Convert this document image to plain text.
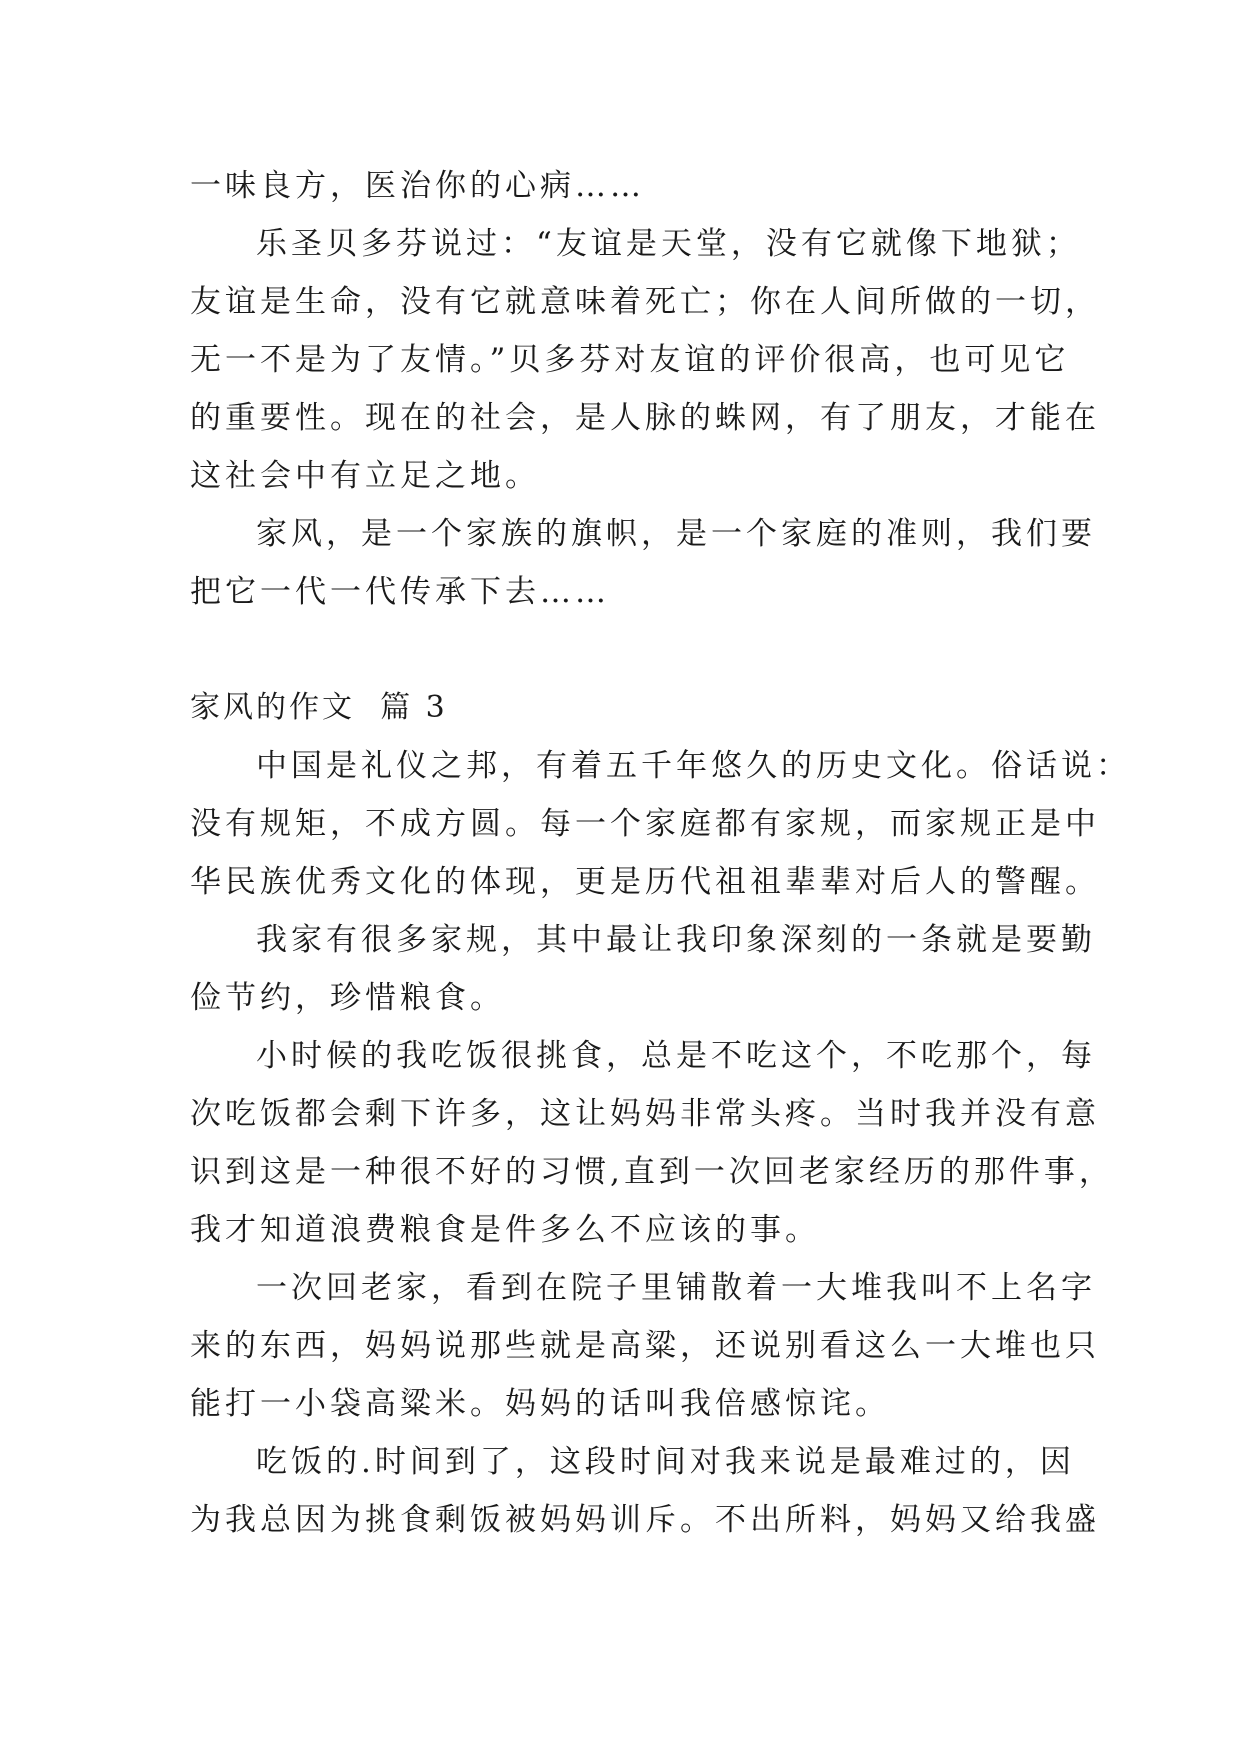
一味良方，医治你的心病……
乐圣贝多芬说过：“友谊是天堂，没有它就像下地狱；
友谊是生命，没有它就意味着死亡；你在人间所做的一切，
无一不是为了友情。”贝多芬对友谊的评价很高，也可见它
的重要性。现在的社会，是人脉的蛛网，有了朋友，才能在
这社会中有立足之地。
家风，是一个家族的旗帜，是一个家庭的准则，我们要
把它一代一代传承下去……
家风的作文  篇 3
中国是礼仪之邦，有着五千年悠久的历史文化。俗话说：
没有规矩，不成方圆。每一个家庭都有家规，而家规正是中
华民族优秀文化的体现，更是历代祖祖辈辈对后人的警醒。
我家有很多家规，其中最让我印象深刻的一条就是要勤
俭节约，珍惜粮食。
小时候的我吃饭很挑食，总是不吃这个，不吃那个，每
次吃饭都会剩下许多，这让妈妈非常头疼。当时我并没有意
识到这是一种很不好的习惯,直到一次回老家经历的那件事，
我才知道浪费粮食是件多么不应该的事。
一次回老家，看到在院子里铺散着一大堆我叫不上名字
来的东西，妈妈说那些就是高粱，还说别看这么一大堆也只
能打一小袋高粱米。妈妈的话叫我倍感惊诧。
吃饭的.时间到了，这段时间对我来说是最难过的，因
为我总因为挑食剩饭被妈妈训斥。不出所料，妈妈又给我盛
